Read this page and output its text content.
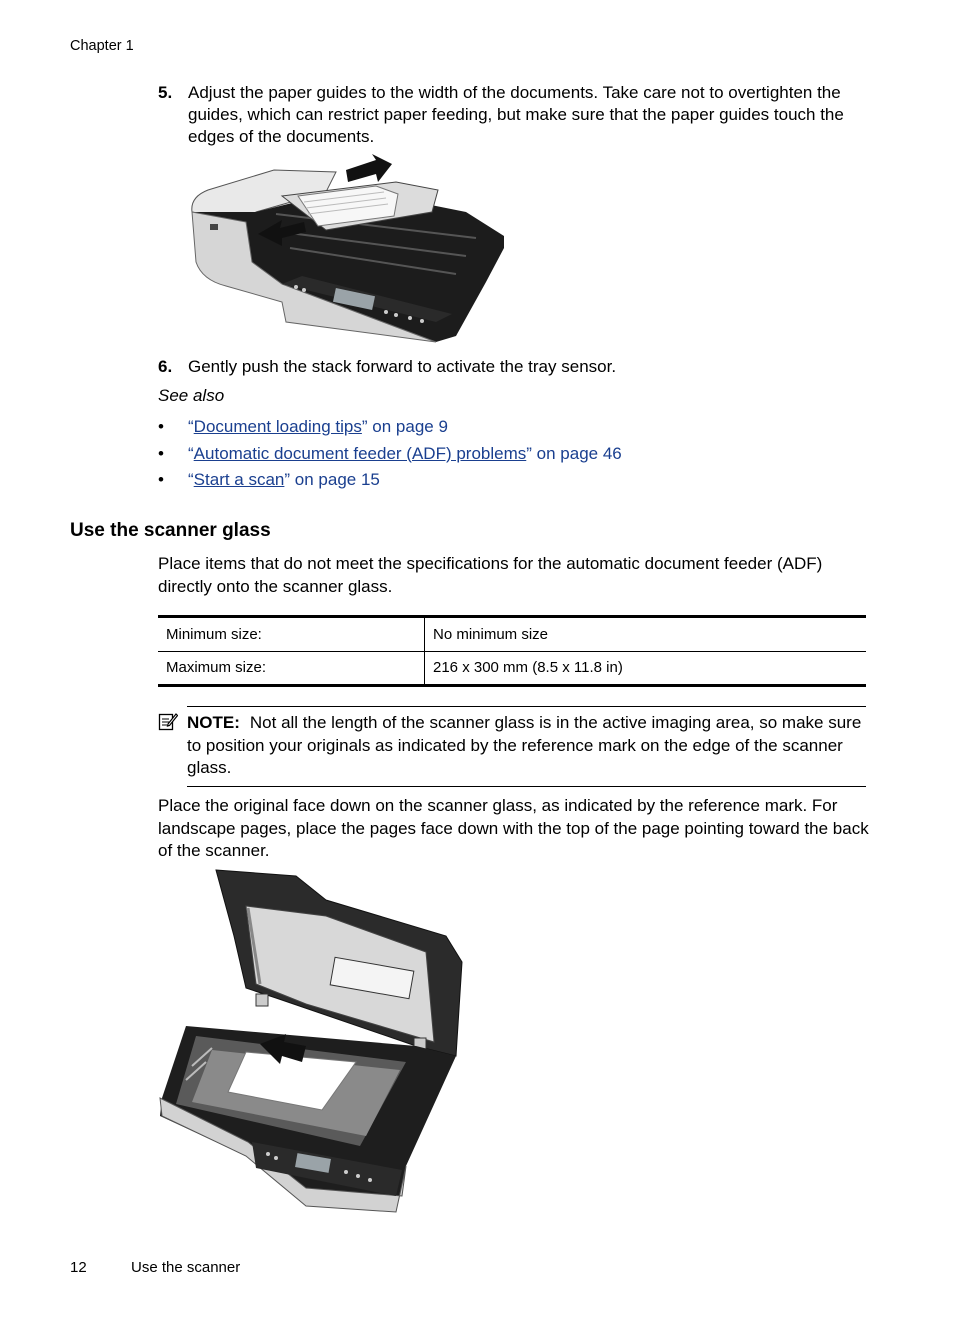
Chapter 1
5. Adjust the paper guides to the width of the documents. Take care not to overtighten the guides, which can restrict paper feeding, but make sure that the paper guides touch the edges of the documents.
6. Gently push the stack forward to activate the tray sensor.
See also
• “Document loading tips” on page 9
• “Automatic document feeder (ADF) problems” on page 46
• “Start a scan” on page 15
Use the scanner glass
Place items that do not meet the specifications for the automatic document feeder (ADF) directly onto the scanner glass.
Minimum size:	No minimum size
Maximum size:	216 x 300 mm (8.5 x 11.8 in)
NOTE: Not all the length of the scanner glass is in the active imaging area, so make sure to position your originals as indicated by the reference mark on the edge of the scanner glass.
Place the original face down on the scanner glass, as indicated by the reference mark. For landscape pages, place the pages face down with the top of the page pointing toward the back of the scanner.
12	Use the scanner
